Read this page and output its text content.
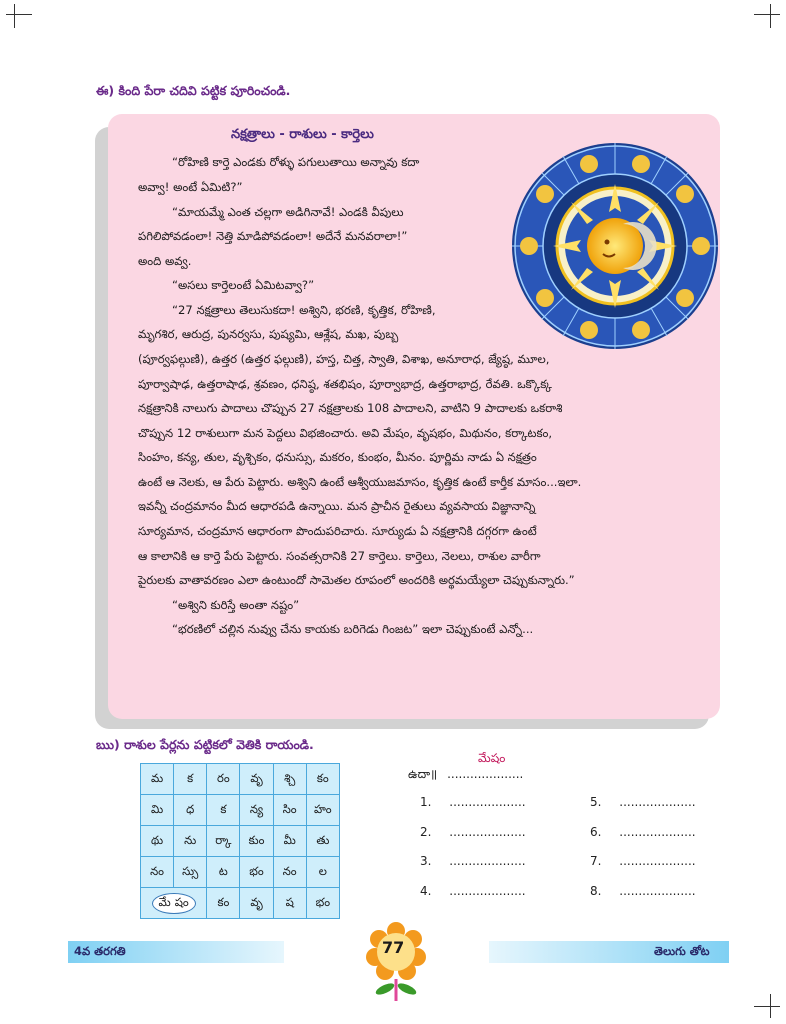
ఈ) కింది పేరా చదివి పట్టిక పూరించండి.
నక్షత్రాలు - రాశులు - కార్తెలు

“రోహిణి కార్తె ఎండకు రోళ్ళు పగులుతాయి అన్నావు కదా

అవ్వా! అంటే ఏమిటి?”

“మాయమ్మే ఎంత చల్లగా అడిగినావే! ఎండకి వీపులు

పగిలిపోవడంలా! నెత్తి మాడిపోవడంలా! అదేనే మనవరాలా!”

అంది అవ్వ.

“అసలు కార్తెలంటే ఏమిటవ్వా?”

“27 నక్షత్రాలు తెలుసుకదా! అశ్విని, భరణి, కృత్తిక, రోహిణి,

మృగశిర, ఆరుద్ర, పునర్వసు, పుష్యమి, ఆశ్లేష, మఖ, పుబ్బ

(పూర్వఫల్గుణి), ఉత్తర (ఉత్తర ఫల్గుణి), హస్త, చిత్త, స్వాతి, విశాఖ, అనూరాధ, జ్యేష్ఠ, మూల,

పూర్వాషాఢ, ఉత్తరాషాఢ, శ్రవణం, ధనిష్ఠ, శతభిషం, పూర్వాభాద్ర, ఉత్తరాభాద్ర, రేవతి. ఒక్కొక్క

నక్షత్రానికి నాలుగు పాదాలు చొప్పున 27 నక్షత్రాలకు 108 పాదాలని, వాటిని 9 పాదాలకు ఒకరాశి

చొప్పున 12 రాశులుగా మన పెద్దలు విభజించారు. అవి మేషం, వృషభం, మిథునం, కర్కాటకం,

సింహం, కన్య, తుల, వృశ్చికం, ధనుస్సు, మకరం, కుంభం, మీనం. పూర్ణిమ నాడు ఏ నక్షత్రం

ఉంటే ఆ నెలకు, ఆ పేరు పెట్టారు. అశ్విని ఉంటే ఆశ్వీయుజమాసం, కృత్తిక ఉంటే కార్తీక మాసం...ఇలా.

ఇవన్నీ చంద్రమానం మీద ఆధారపడి ఉన్నాయి. మన ప్రాచీన రైతులు వ్యవసాయ విజ్ఞానాన్ని

సూర్యమాన, చంద్రమాన ఆధారంగా పొందుపరిచారు. సూర్యుడు ఏ నక్షత్రానికి దగ్గరగా ఉంటే

ఆ కాలానికి ఆ కార్తె పేరు పెట్టారు. సంవత్సరానికి 27 కార్తెలు. కార్తెలు, నెలలు, రాశుల వారీగా

పైరులకు వాతావరణం ఎలా ఉంటుందో సామెతల రూపంలో అందరికి అర్థమయ్యేలా చెప్పుకున్నారు.”

“అశ్విని కురిస్తే అంతా నష్టం”

“భరణిలో చల్లిన నువ్వు చేను కాయకు బరిగెడు గింజట” ఇలా చెప్పుకుంటే ఎన్నో...

ఋ) రాశుల పేర్లను పట్టికలో వెతికి రాయండి.
మ	క	రం	వృ	శ్చి	కం
మి	ధ	క	న్య	సిం	హం
థు	ను	ర్కా	కుం	మీ	తు
నం	స్సు	ట	భం	నం	ల
మే షం		కం	వృ	ష	భం
మేషం
ఉదా॥ ....................
1. ....................
2. ....................
3. ....................
4. ....................
5. ....................
6. ....................
7. ....................
8. ....................
4వ తరగతి	తెలుగు తోట
77
